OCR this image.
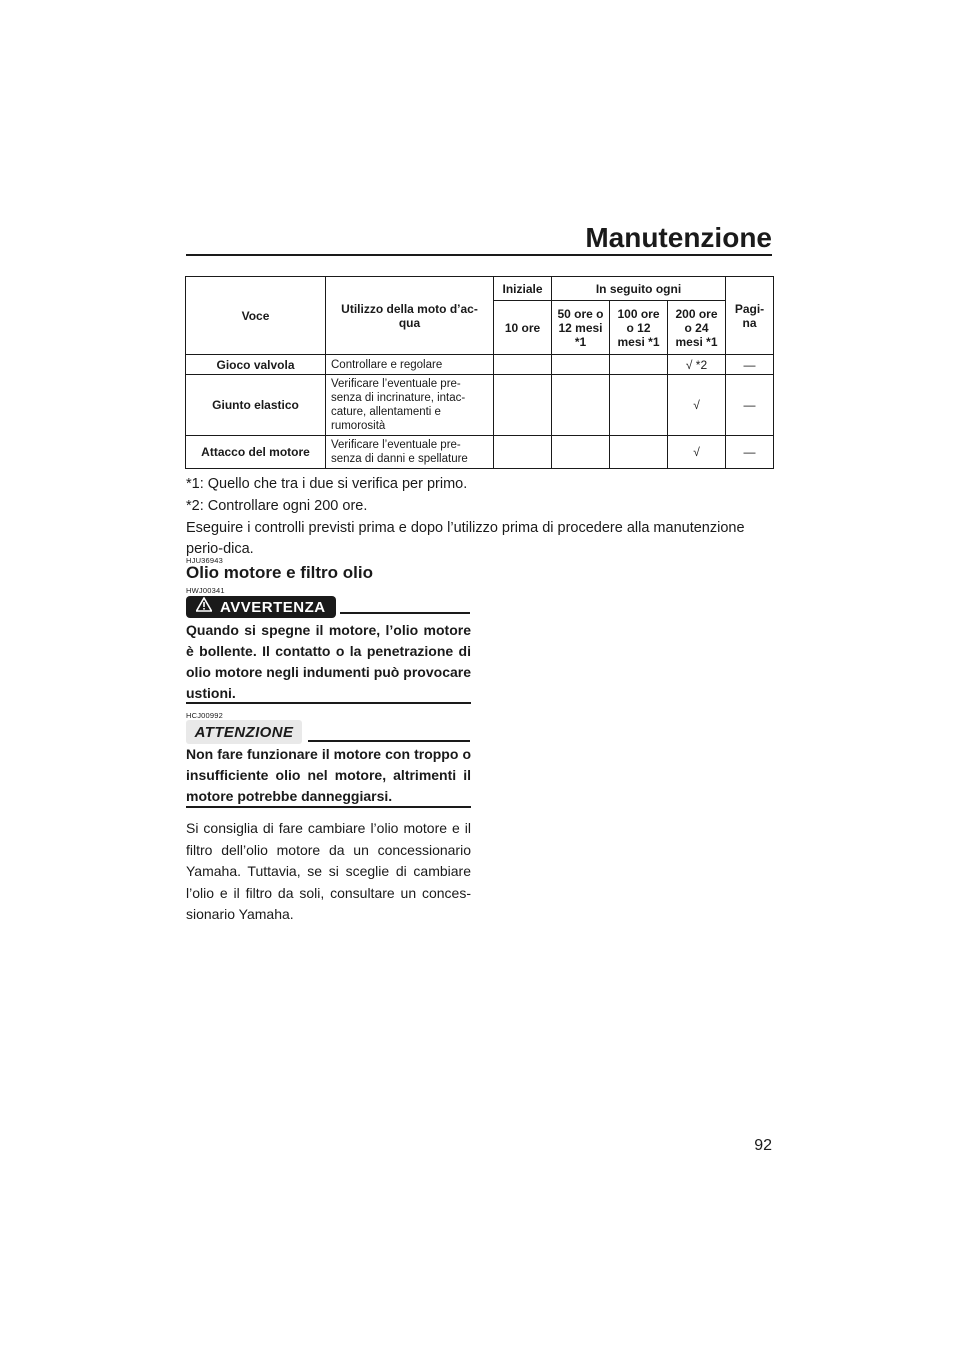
Manutenzione
Voce	Utilizzo della moto d’ac-qua	Iniziale	In seguito ogni			Pagi-na
		10 ore	50 ore o 12 mesi *1	100 ore o 12 mesi *1	200 ore o 24 mesi *1	
Gioco valvola	Controllare e regolare				√ *2	—
Giunto elastico	Verificare l’eventuale pre-senza di incrinature, intac-cature, allentamenti e rumorosità				√	—
Attacco del motore	Verificare l’eventuale pre-senza di danni e spellature				√	—

*1: Quello che tra i due si verifica per primo.

*2: Controllare ogni 200 ore.

Eseguire i controlli previsti prima e dopo l’utilizzo prima di procedere alla manutenzione perio-dica.

HJU36943
Olio motore e filtro olio
HWJ00341
AVVERTENZA
Quando si spegne il motore, l’olio motore è bollente. Il contatto o la penetrazione di olio motore negli indumenti può provocare ustioni.
HCJ00992
ATTENZIONE
Non fare funzionare il motore con troppo o insufficiente olio nel motore, altrimenti il motore potrebbe danneggiarsi.
Si consiglia di fare cambiare l’olio motore e il filtro dell’olio motore da un concessionario Yamaha. Tuttavia, se si sceglie di cambiare l’olio e il filtro da soli, consultare un conces-sionario Yamaha.
92
